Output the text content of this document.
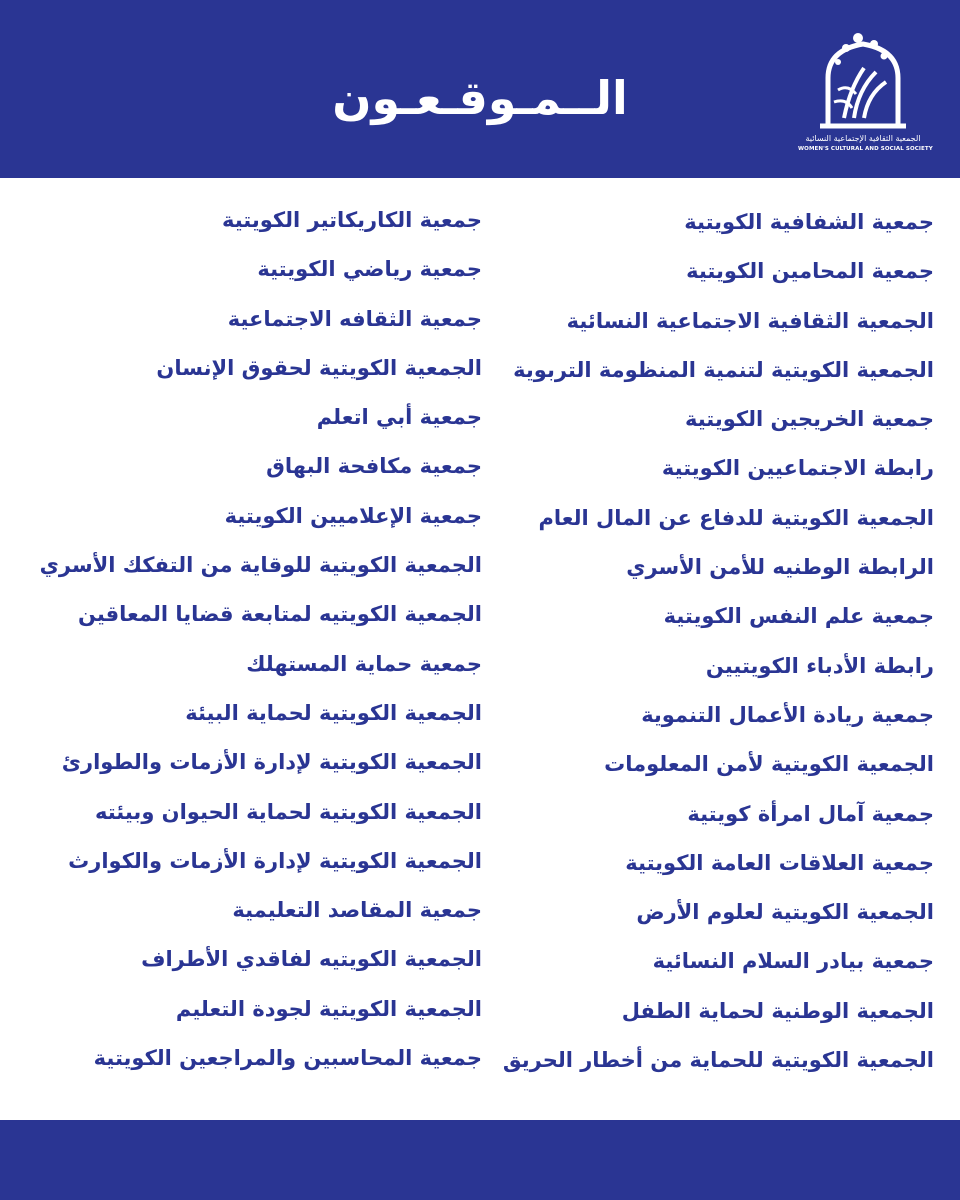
الــمـوقـعـون
الجمعية الثقافية الإجتماعية النسائية
WOMEN'S CULTURAL AND SOCIAL SOCIETY
جمعية الشفافية الكويتية
جمعية المحامين الكويتية
الجمعية الثقافية الاجتماعية النسائية
الجمعية الكويتية لتنمية المنظومة التربوية
جمعية الخريجين الكويتية
رابطة الاجتماعيين الكويتية
الجمعية الكويتية للدفاع عن المال العام
الرابطة الوطنيه للأمن الأسري
جمعية علم النفس الكويتية
رابطة الأدباء الكويتيين
جمعية ريادة الأعمال التنموية
الجمعية الكويتية لأمن المعلومات
جمعية آمال امرأة كويتية
جمعية العلاقات العامة الكويتية
الجمعية الكويتية لعلوم الأرض
جمعية بيادر السلام النسائية
الجمعية الوطنية لحماية الطفل
الجمعية الكويتية للحماية من أخطار الحريق
جمعية الكاريكاتير الكويتية
جمعية رياضي الكويتية
جمعية الثقافه الاجتماعية
الجمعية الكويتية لحقوق الإنسان
جمعية أبي اتعلم
جمعية مكافحة البهاق
جمعية الإعلاميين الكويتية
الجمعية الكويتية للوقاية من التفكك الأسري
الجمعية الكويتيه لمتابعة قضايا المعاقين
جمعية حماية المستهلك
الجمعية الكويتية لحماية البيئة
الجمعية الكويتية لإدارة الأزمات والطوارئ
الجمعية الكويتية لحماية الحيوان وبيئته
الجمعية الكويتية لإدارة الأزمات والكوارث
جمعية المقاصد التعليمية
الجمعية الكويتيه لفاقدي الأطراف
الجمعية الكويتية لجودة التعليم
جمعية المحاسبين والمراجعين الكويتية
